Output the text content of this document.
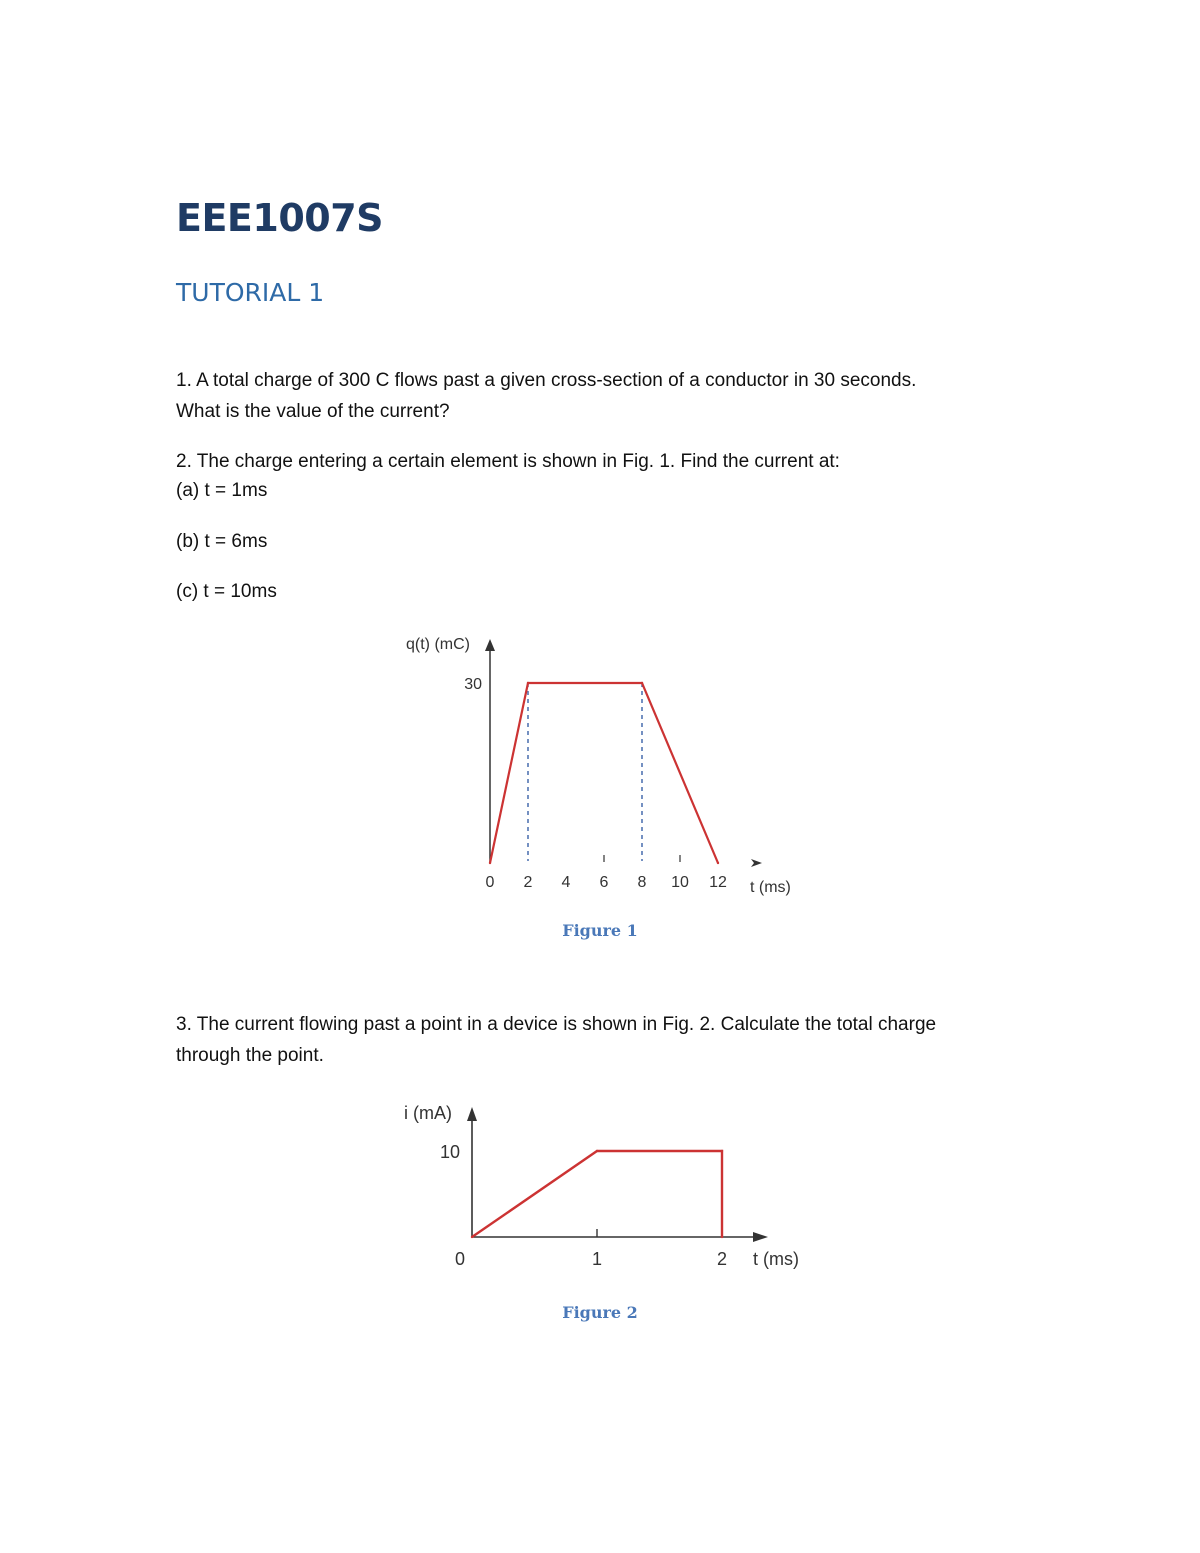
EEE1007S
TUTORIAL 1

1. A total charge of 300 C flows past a given cross-section of a conductor in 30 seconds.

What is the value of the current?

2. The charge entering a certain element is shown in Fig. 1. Find the current at:

(a) t = 1ms

(b) t = 6ms

(c) t = 10ms

q(t) (mC)
30
0 2 4 6 8 10 12 t (ms)
Figure 1

3. The current flowing past a point in a device is shown in Fig. 2. Calculate the total charge

through the point.

i (mA)
10
0	1	2 t (ms)
Figure 2
